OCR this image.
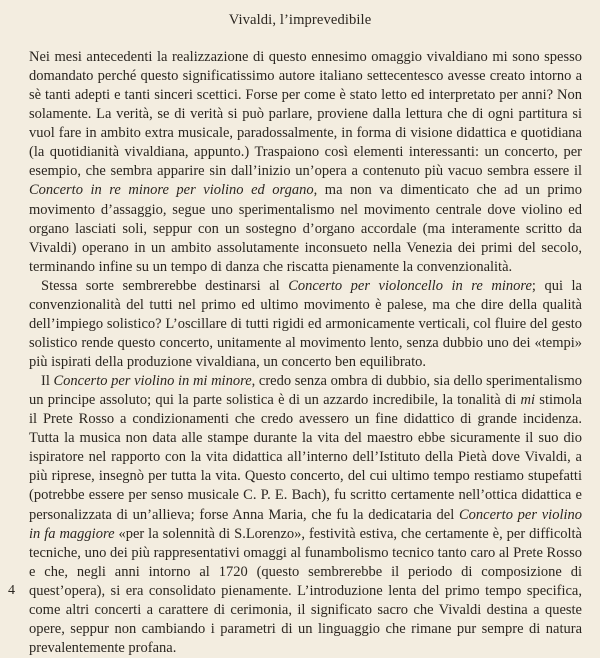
Vivaldi, l’imprevedibile

Nei mesi antecedenti la realizzazione di questo ennesimo omaggio vivaldiano mi sono spesso domandato perché questo significatissimo autore italiano settecentesco avesse creato intorno a sè tanti adepti e tanti sinceri scettici. Forse per come è stato letto ed interpretato per anni? Non solamente. La verità, se di verità si può parlare, proviene dalla lettura che di ogni partitura si vuol fare in ambito extra musicale, paradossalmente, in forma di visione didattica e quotidiana (la quotidianità vivaldiana, appunto.) Traspaiono così elementi interessanti: un concerto, per esempio, che sembra apparire sin dall’inizio un’opera a contenuto più vacuo sembra essere il Concerto in re minore per violino ed organo, ma non va dimenticato che ad un primo movimento d’assaggio, segue uno sperimentalismo nel movimento centrale dove violino ed organo lasciati soli, seppur con un sostegno d’organo accordale (ma interamente scritto da Vivaldi) operano in un ambito assolutamente inconsueto nella Venezia dei primi del secolo, terminando infine su un tempo di danza che riscatta pienamente la convenzionalità.

Stessa sorte sembrerebbe destinarsi al Concerto per violoncello in re minore; qui la convenzionalità del tutti nel primo ed ultimo movimento è palese, ma che dire della qualità dell’impiego solistico? L’oscillare di tutti rigidi ed armonicamente verticali, col fluire del gesto solistico rende questo concerto, unitamente al movimento lento, senza dubbio uno dei «tempi» più ispirati della produzione vivaldiana, un concerto ben equilibrato.

Il Concerto per violino in mi minore, credo senza ombra di dubbio, sia dello sperimentalismo un principe assoluto; qui la parte solistica è di un azzardo incredibile, la tonalità di mi stimola il Prete Rosso a condizionamenti che credo avessero un fine didattico di grande incidenza. Tutta la musica non data alle stampe durante la vita del maestro ebbe sicuramente il suo dio ispiratore nel rapporto con la vita didattica all’interno dell’Istituto della Pietà dove Vivaldi, a più riprese, insegnò per tutta la vita. Questo concerto, del cui ultimo tempo restiamo stupefatti (potrebbe essere per senso musicale C. P. E. Bach), fu scritto certamente nell’ottica didattica e personalizzata di un’allieva; forse Anna Maria, che fu la dedicataria del Concerto per violino in fa maggiore «per la solennità di S.Lorenzo», festività estiva, che certamente è, per difficoltà tecniche, uno dei più rappresentativi omaggi al funambolismo tecnico tanto caro al Prete Rosso e che, negli anni intorno al 1720 (questo sembrerebbe il periodo di composizione di quest’opera), si era consolidato pienamente. L’introduzione lenta del primo tempo specifica, come altri concerti a carattere di cerimonia, il significato sacro che Vivaldi destina a queste opere, seppur non cambiando i parametri di un linguaggio che rimane pur sempre di natura prevalentemente profana.

4
